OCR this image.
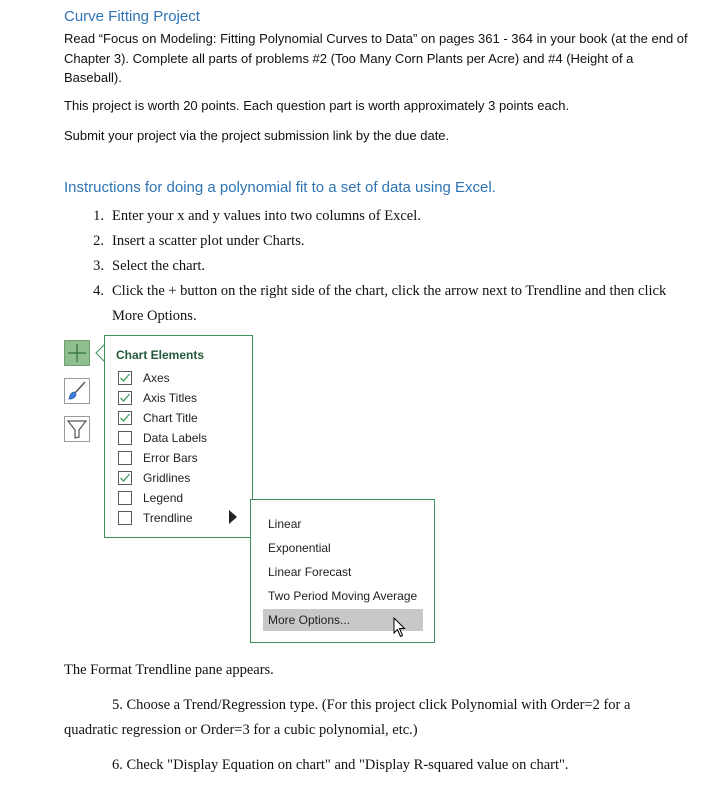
Curve Fitting Project
Read “Focus on Modeling: Fitting Polynomial Curves to Data” on pages 361 - 364 in your book (at the end of Chapter 3). Complete all parts of problems #2 (Too Many Corn Plants per Acre) and #4 (Height of a Baseball).
This project is worth 20 points. Each question part is worth approximately 3 points each.
Submit your project via the project submission link by the due date.
Instructions for doing a polynomial fit to a set of data using Excel.
1. Enter your x and y values into two columns of Excel.
2. Insert a scatter plot under Charts.
3. Select the chart.
4. Click the + button on the right side of the chart, click the arrow next to Trendline and then click
More Options.
Chart Elements
Axes
Axis Titles
Chart Title
Data Labels
Error Bars
Gridlines
Legend
Trendline	Linear
Exponential
Linear Forecast
Two Period Moving Average
More Options...
The Format Trendline pane appears.
5. Choose a Trend/Regression type. (For this project click Polynomial with Order=2 for a
quadratic regression or Order=3 for a cubic polynomial, etc.)
6. Check "Display Equation on chart" and "Display R-squared value on chart".
